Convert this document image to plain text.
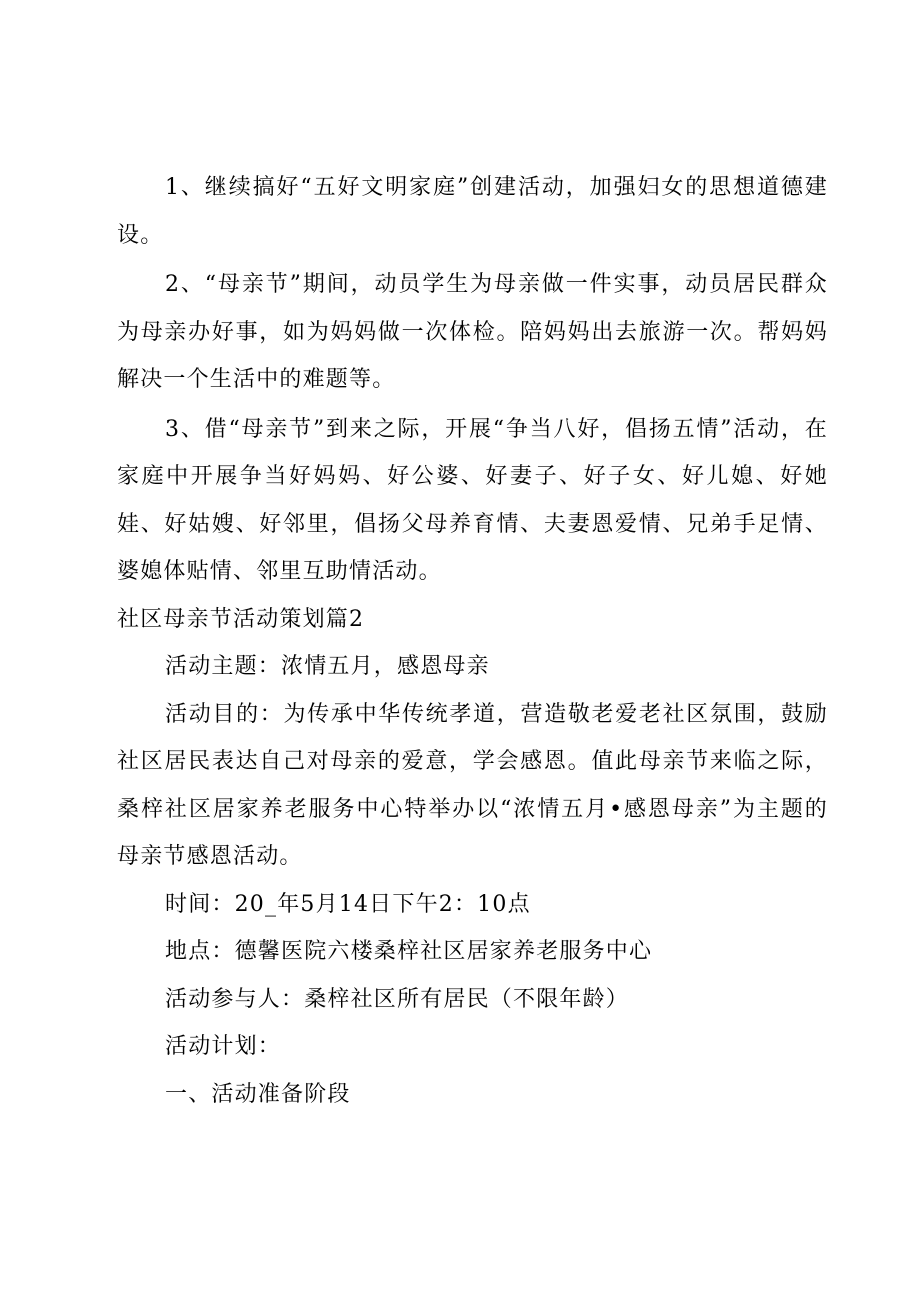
1、继续搞好“五好文明家庭”创建活动，加强妇女的思想道德建设。

2、“母亲节”期间，动员学生为母亲做一件实事，动员居民群众为母亲办好事，如为妈妈做一次体检。陪妈妈出去旅游一次。帮妈妈解决一个生活中的难题等。

3、借“母亲节”到来之际，开展“争当八好，倡扬五情”活动，在家庭中开展争当好妈妈、好公婆、好妻子、好子女、好儿媳、好她娃、好姑嫂、好邻里，倡扬父母养育情、夫妻恩爱情、兄弟手足情、婆媳体贴情、邻里互助情活动。

社区母亲节活动策划篇2

活动主题：浓情五月，感恩母亲

活动目的：为传承中华传统孝道，营造敬老爱老社区氛围，鼓励社区居民表达自己对母亲的爱意，学会感恩。值此母亲节来临之际，桑梓社区居家养老服务中心特举办以“浓情五月•感恩母亲”为主题的母亲节感恩活动。

时间：20_年5月14日下午2：10点

地点：德馨医院六楼桑梓社区居家养老服务中心

活动参与人：桑梓社区所有居民（不限年龄）

活动计划：

一、活动准备阶段
